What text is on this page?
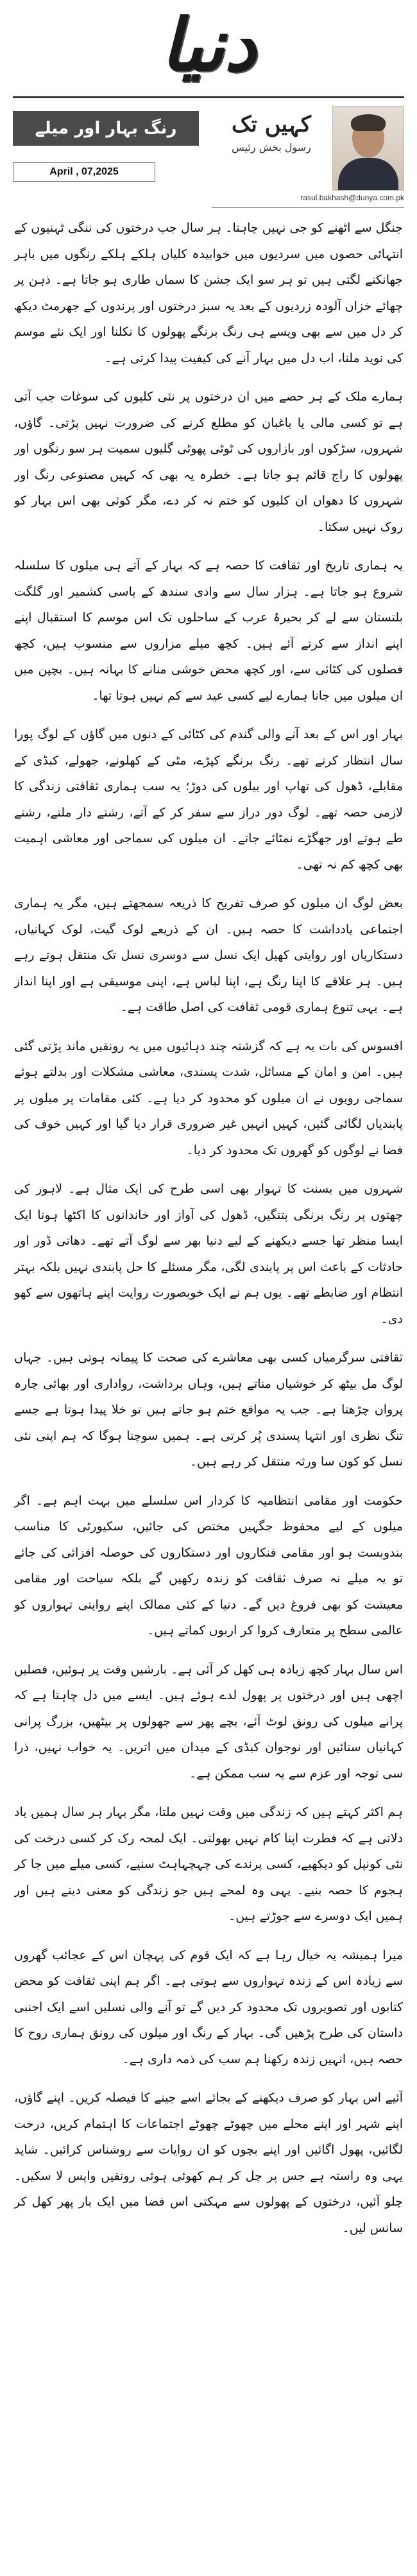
دنیا
رنگ بہار اور میلے
April , 07,2025
کہیں تک
رسول بخش رئیس
rasul.bakhash@dunya.com.pk

جنگل سے اٹھنے کو جی نہیں چاہتا۔ ہر سال جب درختوں کی ننگی ٹہنیوں کے انتہائی حصوں میں سردیوں میں خوابیدہ کلیاں ہلکے ہلکے رنگوں میں باہر جھانکنے لگتی ہیں تو ہر سو ایک جشن کا سماں طاری ہو جاتا ہے۔ ذہن پر چھائے خزاں آلودہ زردیوں کے بعد یہ سبز درختوں اور پرندوں کے جھرمٹ دیکھ کر دل میں سے بھی ویسے ہی رنگ برنگے پھولوں کا نکلنا اور ایک نئے موسم کی نوید ملنا، اب دل میں بہار آنے کی کیفیت پیدا کرتی ہے۔

ہمارے ملک کے ہر حصے میں ان درختوں پر نئی کلیوں کی سوغات جب آتی ہے تو کسی مالی یا باغبان کو مطلع کرنے کی ضرورت نہیں پڑتی۔ گاؤں، شہروں، سڑکوں اور بازاروں کی ٹوٹی پھوٹی گلیوں سمیت ہر سو رنگوں اور پھولوں کا راج قائم ہو جاتا ہے۔ خطرہ یہ بھی کہ کہیں مصنوعی رنگ اور شہروں کا دھواں ان کلیوں کو ختم نہ کر دے، مگر کوئی بھی اس بہار کو روک نہیں سکتا۔

یہ ہماری تاریخ اور ثقافت کا حصہ ہے کہ بہار کے آتے ہی میلوں کا سلسلہ شروع ہو جاتا ہے۔ ہزار سال سے وادی سندھ کے باسی کشمیر اور گلگت بلتستان سے لے کر بحیرۂ عرب کے ساحلوں تک اس موسم کا استقبال اپنے اپنے انداز سے کرتے آئے ہیں۔ کچھ میلے مزاروں سے منسوب ہیں، کچھ فصلوں کی کٹائی سے، اور کچھ محض خوشی منانے کا بہانہ ہیں۔ بچپن میں ان میلوں میں جانا ہمارے لیے کسی عید سے کم نہیں ہوتا تھا۔

بہار اور اس کے بعد آنے والی گندم کی کٹائی کے دنوں میں گاؤں کے لوگ پورا سال انتظار کرتے تھے۔ رنگ برنگے کپڑے، مٹی کے کھلونے، جھولے، کبڈی کے مقابلے، ڈھول کی تھاپ اور بیلوں کی دوڑ؛ یہ سب ہماری ثقافتی زندگی کا لازمی حصہ تھے۔ لوگ دور دراز سے سفر کر کے آتے، رشتے دار ملتے، رشتے طے ہوتے اور جھگڑے نمٹائے جاتے۔ ان میلوں کی سماجی اور معاشی اہمیت بھی کچھ کم نہ تھی۔

بعض لوگ ان میلوں کو صرف تفریح کا ذریعہ سمجھتے ہیں، مگر یہ ہماری اجتماعی یادداشت کا حصہ ہیں۔ ان کے ذریعے لوک گیت، لوک کہانیاں، دستکاریاں اور روایتی کھیل ایک نسل سے دوسری نسل تک منتقل ہوتے رہے ہیں۔ ہر علاقے کا اپنا رنگ ہے، اپنا لباس ہے، اپنی موسیقی ہے اور اپنا انداز ہے۔ یہی تنوع ہماری قومی ثقافت کی اصل طاقت ہے۔

افسوس کی بات یہ ہے کہ گزشتہ چند دہائیوں میں یہ رونقیں ماند پڑتی گئی ہیں۔ امن و امان کے مسائل، شدت پسندی، معاشی مشکلات اور بدلتے ہوئے سماجی رویوں نے ان میلوں کو محدود کر دیا ہے۔ کئی مقامات پر میلوں پر پابندیاں لگائی گئیں، کہیں انہیں غیر ضروری قرار دیا گیا اور کہیں خوف کی فضا نے لوگوں کو گھروں تک محدود کر دیا۔

شہروں میں بسنت کا تہوار بھی اسی طرح کی ایک مثال ہے۔ لاہور کی چھتوں پر رنگ برنگی پتنگیں، ڈھول کی آواز اور خاندانوں کا اکٹھا ہونا ایک ایسا منظر تھا جسے دیکھنے کے لیے دنیا بھر سے لوگ آتے تھے۔ دھاتی ڈور اور حادثات کے باعث اس پر پابندی لگی، مگر مسئلے کا حل پابندی نہیں بلکہ بہتر انتظام اور ضابطے تھے۔ یوں ہم نے ایک خوبصورت روایت اپنے ہاتھوں سے کھو دی۔

ثقافتی سرگرمیاں کسی بھی معاشرے کی صحت کا پیمانہ ہوتی ہیں۔ جہاں لوگ مل بیٹھ کر خوشیاں مناتے ہیں، وہاں برداشت، رواداری اور بھائی چارہ پروان چڑھتا ہے۔ جب یہ مواقع ختم ہو جاتے ہیں تو خلا پیدا ہوتا ہے جسے تنگ نظری اور انتہا پسندی پُر کرتی ہے۔ ہمیں سوچنا ہوگا کہ ہم اپنی نئی نسل کو کون سا ورثہ منتقل کر رہے ہیں۔

حکومت اور مقامی انتظامیہ کا کردار اس سلسلے میں بہت اہم ہے۔ اگر میلوں کے لیے محفوظ جگہیں مختص کی جائیں، سکیورٹی کا مناسب بندوبست ہو اور مقامی فنکاروں اور دستکاروں کی حوصلہ افزائی کی جائے تو یہ میلے نہ صرف ثقافت کو زندہ رکھیں گے بلکہ سیاحت اور مقامی معیشت کو بھی فروغ دیں گے۔ دنیا کے کئی ممالک اپنے روایتی تہواروں کو عالمی سطح پر متعارف کروا کر اربوں کماتے ہیں۔

اس سال بہار کچھ زیادہ ہی کھل کر آئی ہے۔ بارشیں وقت پر ہوئیں، فصلیں اچھی ہیں اور درختوں پر پھول لدے ہوئے ہیں۔ ایسے میں دل چاہتا ہے کہ پرانے میلوں کی رونق لوٹ آئے، بچے پھر سے جھولوں پر بیٹھیں، بزرگ پرانی کہانیاں سنائیں اور نوجوان کبڈی کے میدان میں اتریں۔ یہ خواب نہیں، ذرا سی توجہ اور عزم سے یہ سب ممکن ہے۔

ہم اکثر کہتے ہیں کہ زندگی میں وقت نہیں ملتا، مگر بہار ہر سال ہمیں یاد دلاتی ہے کہ فطرت اپنا کام نہیں بھولتی۔ ایک لمحہ رک کر کسی درخت کی نئی کونپل کو دیکھیے، کسی پرندے کی چہچہاہٹ سنیے، کسی میلے میں جا کر ہجوم کا حصہ بنیے۔ یہی وہ لمحے ہیں جو زندگی کو معنی دیتے ہیں اور ہمیں ایک دوسرے سے جوڑتے ہیں۔

میرا ہمیشہ یہ خیال رہا ہے کہ ایک قوم کی پہچان اس کے عجائب گھروں سے زیادہ اس کے زندہ تہواروں سے ہوتی ہے۔ اگر ہم اپنی ثقافت کو محض کتابوں اور تصویروں تک محدود کر دیں گے تو آنے والی نسلیں اسے ایک اجنبی داستان کی طرح پڑھیں گی۔ بہار کے رنگ اور میلوں کی رونق ہماری روح کا حصہ ہیں، انہیں زندہ رکھنا ہم سب کی ذمہ داری ہے۔

آئیے اس بہار کو صرف دیکھنے کے بجائے اسے جینے کا فیصلہ کریں۔ اپنے گاؤں، اپنے شہر اور اپنے محلے میں چھوٹے چھوٹے اجتماعات کا اہتمام کریں، درخت لگائیں، پھول اگائیں اور اپنے بچوں کو ان روایات سے روشناس کرائیں۔ شاید یہی وہ راستہ ہے جس پر چل کر ہم کھوئی ہوئی رونقیں واپس لا سکیں۔ چلو آئیں، درختوں کے پھولوں سے مہکتی اس فضا میں ایک بار پھر کھل کر سانس لیں۔
